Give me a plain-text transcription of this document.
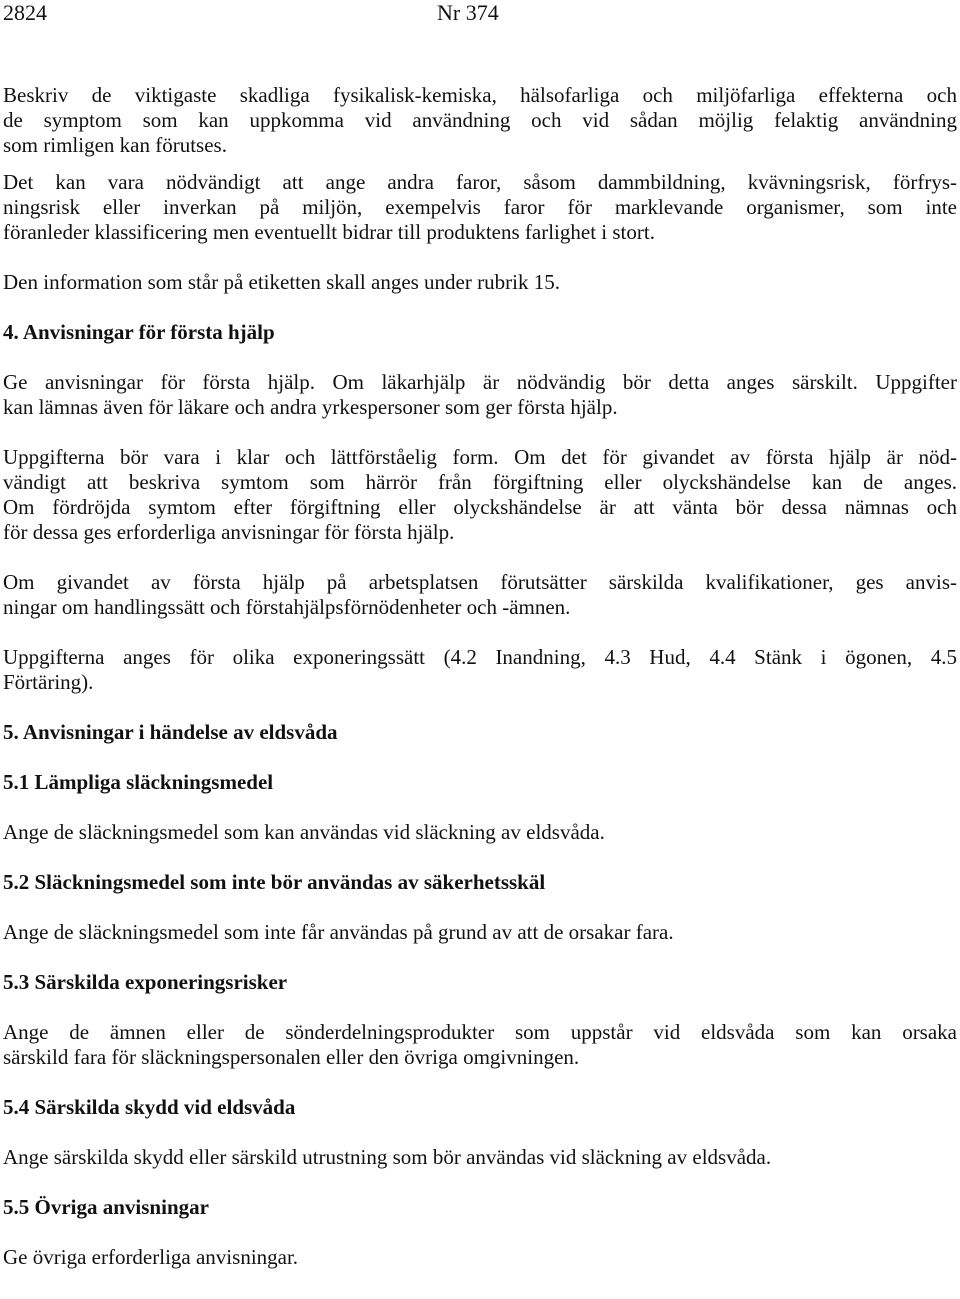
2824	Nr 374

Beskriv de viktigaste skadliga fysikalisk-kemiska, hälsofarliga och miljöfarliga effekterna och
de symptom som kan uppkomma vid användning och vid sådan möjlig felaktig användning
som rimligen kan förutses.

Det kan vara nödvändigt att ange andra faror, såsom dammbildning, kvävningsrisk, förfrys-
ningsrisk eller inverkan på miljön, exempelvis faror för marklevande organismer, som inte
föranleder klassificering men eventuellt bidrar till produktens farlighet i stort.

Den information som står på etiketten skall anges under rubrik 15.

4. Anvisningar för första hjälp

Ge anvisningar för första hjälp. Om läkarhjälp är nödvändig bör detta anges särskilt. Uppgifter
kan lämnas även för läkare och andra yrkespersoner som ger första hjälp.

Uppgifterna bör vara i klar och lättförståelig form. Om det för givandet av första hjälp är nöd-
vändigt att beskriva symtom som härrör från förgiftning eller olyckshändelse kan de anges.
Om fördröjda symtom efter förgiftning eller olyckshändelse är att vänta bör dessa nämnas och
för dessa ges erforderliga anvisningar för första hjälp.

Om givandet av första hjälp på arbetsplatsen förutsätter särskilda kvalifikationer, ges anvis-
ningar om handlingssätt och förstahjälpsförnödenheter och -ämnen.

Uppgifterna anges för olika exponeringssätt (4.2 Inandning, 4.3 Hud, 4.4 Stänk i ögonen, 4.5
Förtäring).

5. Anvisningar i händelse av eldsvåda
5.1 Lämpliga släckningsmedel

Ange de släckningsmedel som kan användas vid släckning av eldsvåda.

5.2 Släckningsmedel som inte bör användas av säkerhetsskäl

Ange de släckningsmedel som inte får användas på grund av att de orsakar fara.

5.3 Särskilda exponeringsrisker

Ange de ämnen eller de sönderdelningsprodukter som uppstår vid eldsvåda som kan orsaka
särskild fara för släckningspersonalen eller den övriga omgivningen.

5.4 Särskilda skydd vid eldsvåda

Ange särskilda skydd eller särskild utrustning som bör användas vid släckning av eldsvåda.

5.5 Övriga anvisningar

Ge övriga erforderliga anvisningar.
